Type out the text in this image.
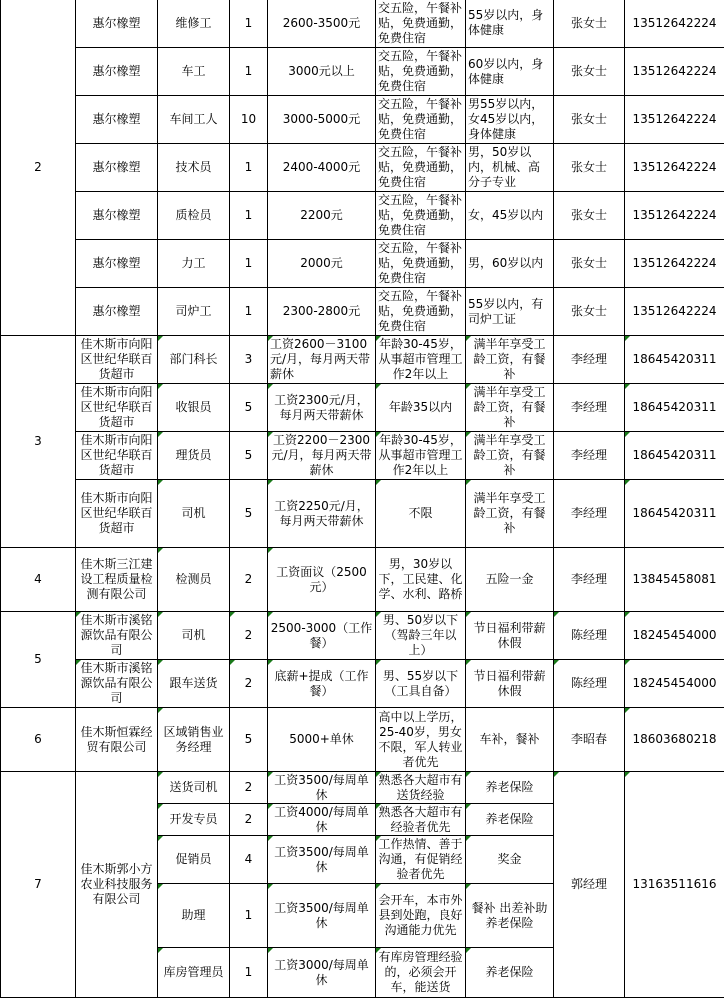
2	惠尔橡塑	维修工	1	2600-3500元	交五险，午餐补贴，免费通勤，免费住宿	55岁以内，身体健康	张女士	13512642224
	惠尔橡塑	车工	1	3000元以上	交五险，午餐补贴，免费通勤，免费住宿	60岁以内，身体健康	张女士	13512642224
	惠尔橡塑	车间工人	10	3000-5000元	交五险，午餐补贴，免费通勤，免费住宿	男55岁以内，女45岁以内，身体健康	张女士	13512642224
	惠尔橡塑	技术员	1	2400-4000元	交五险，午餐补贴，免费通勤，免费住宿	男，50岁以内，机械、高分子专业	张女士	13512642224
	惠尔橡塑	质检员	1	2200元	交五险，午餐补贴，免费通勤，免费住宿	女，45岁以内	张女士	13512642224
	惠尔橡塑	力工	1	2000元	交五险，午餐补贴，免费通勤，免费住宿	男，60岁以内	张女士	13512642224
	惠尔橡塑	司炉工	1	2300-2800元	交五险，午餐补贴，免费通勤，免费住宿	55岁以内，有司炉工证	张女士	13512642224
3	佳木斯市向阳区世纪华联百货超市	部门科长	3	工资2600－3100元/月，每月两天带薪休	年龄30-45岁，从事超市管理工作2年以上	满半年享受工龄工资，有餐补	李经理	18645420311
	佳木斯市向阳区世纪华联百货超市	收银员	5	工资2300元/月，每月两天带薪休	年龄35以内	满半年享受工龄工资，有餐补	李经理	18645420311
	佳木斯市向阳区世纪华联百货超市	理货员	5	工资2200－2300元/月，每月两天带薪休	年龄30-45岁，从事超市管理工作2年以上	满半年享受工龄工资，有餐补	李经理	18645420311
	佳木斯市向阳区世纪华联百货超市	司机	5	工资2250元/月，每月两天带薪休	不限	满半年享受工龄工资，有餐补	李经理	18645420311
4	佳木斯三江建设工程质量检测有限公司	检测员	2	工资面议（2500元）	男，30岁以下，工民建、化学、水利、路桥	五险一金	李经理	13845458081
5	佳木斯市溪铭源饮品有限公司	司机	2	2500-3000（工作餐）	男、50岁以下（驾龄三年以上）	节日福利带薪休假	陈经理	18245454000
	佳木斯市溪铭源饮品有限公司	跟车送货	2	底薪+提成（工作餐）	男、55岁以下（工具自备）	节日福利带薪休假	陈经理	18245454000
6	佳木斯恒霖经贸有限公司	区域销售业务经理	5	5000+单休	高中以上学历，25-40岁，男女不限，军人转业者优先	车补，餐补	李昭春	18603680218
7	佳木斯郭小方农业科技服务有限公司	送货司机	2	工资3500/每周单休	熟悉各大超市有送货经验	养老保险	郭经理	13163511616
		开发专员	2	工资4000/每周单休	熟悉各大超市有经验者优先	养老保险		
		促销员	4	工资3500/每周单休	工作热情、善于沟通，有促销经验者优先	奖金		
		助理	1	工资3500/每周单休	会开车，本市外县到处跑，良好沟通能力优先	餐补 出差补助养老保险		
		库房管理员	1	工资3000/每周单休	有库房管理经验的，必须会开车，能送货	养老保险		
